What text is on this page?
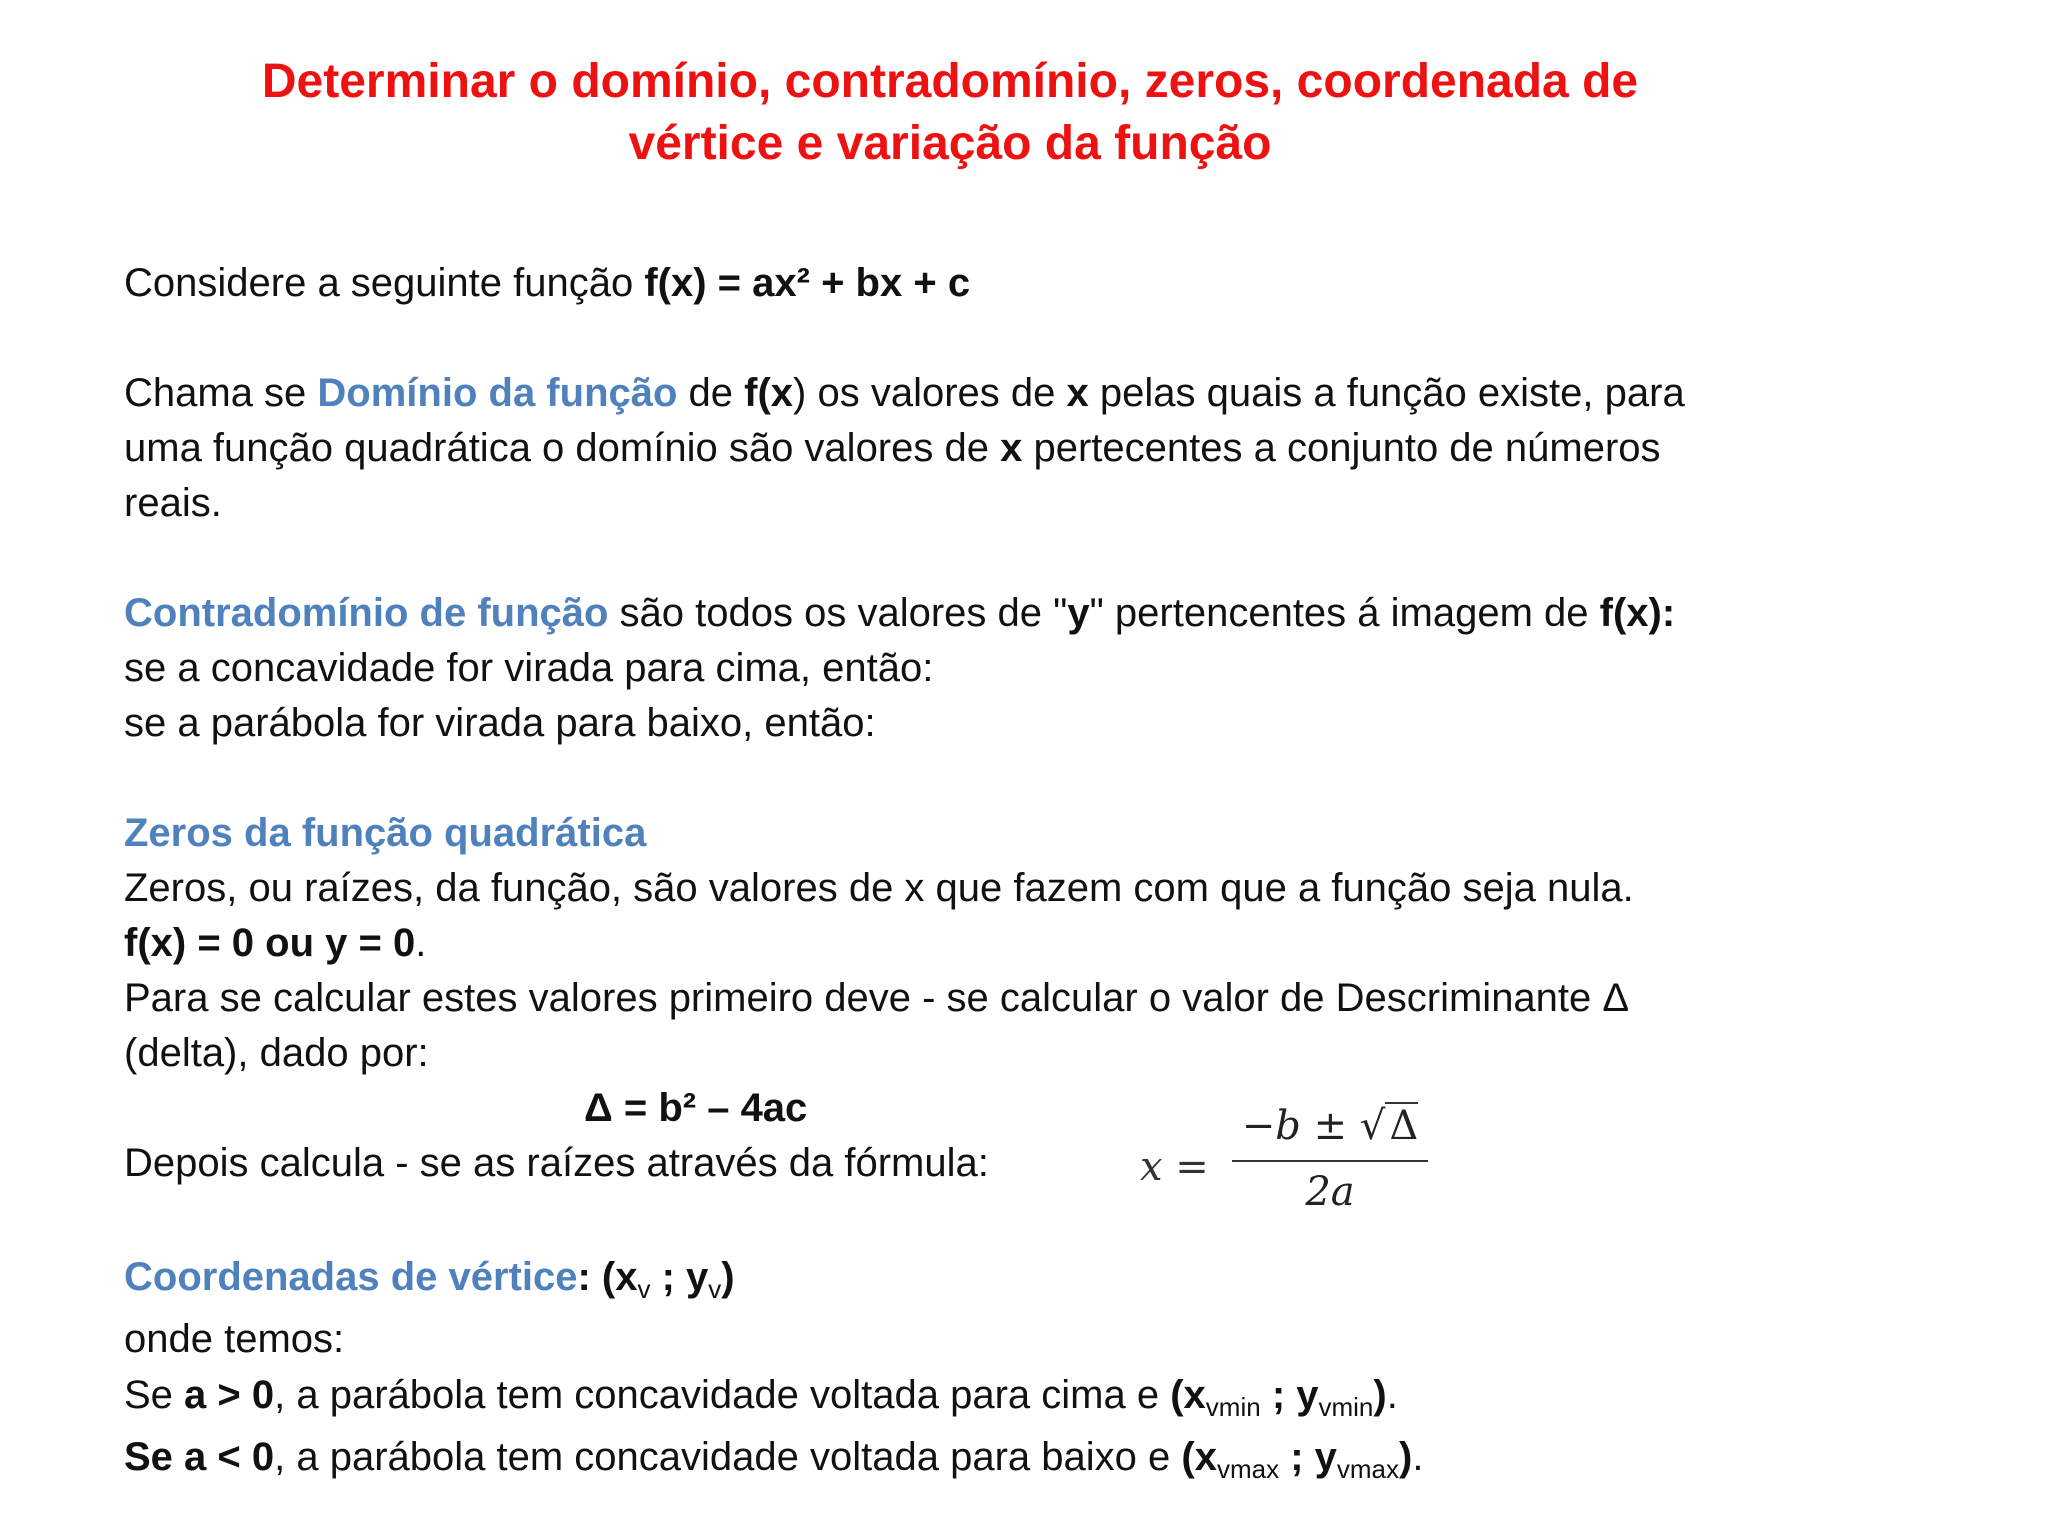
Determinar o domínio, contradomínio, zeros, coordenada de
vértice e variação da função

Considere a seguinte função f(x) = ax² + bx + c

Chama se Domínio da função de f(x) os valores de x pelas quais a função existe, para

uma função quadrática o domínio são valores de x pertecentes a conjunto de números

reais.

Contradomínio de função são todos os valores de "y" pertencentes á imagem de f(x):

se a concavidade for virada para cima, então:

se a parábola for virada para baixo, então:

Zeros da função quadrática

Zeros, ou raízes, da função, são valores de x que fazem com que a função seja nula.

f(x) = 0 ou y = 0.

Para se calcular estes valores primeiro deve - se calcular o valor de Descriminante Δ

(delta), dado por:

Δ = b² – 4ac

Depois calcula - se as raízes através da fórmula:	x =
−b ± √ Δ
2a

Coordenadas de vértice: ($x_v$ ; $y_v$)

onde temos:

Se a > 0, a parábola tem concavidade voltada para cima e ($x_{vmin}$ ; $y_{vmin}$).

Se a < 0, a parábola tem concavidade voltada para baixo e ($x_{vmax}$ ; $y_{vmax}$).
